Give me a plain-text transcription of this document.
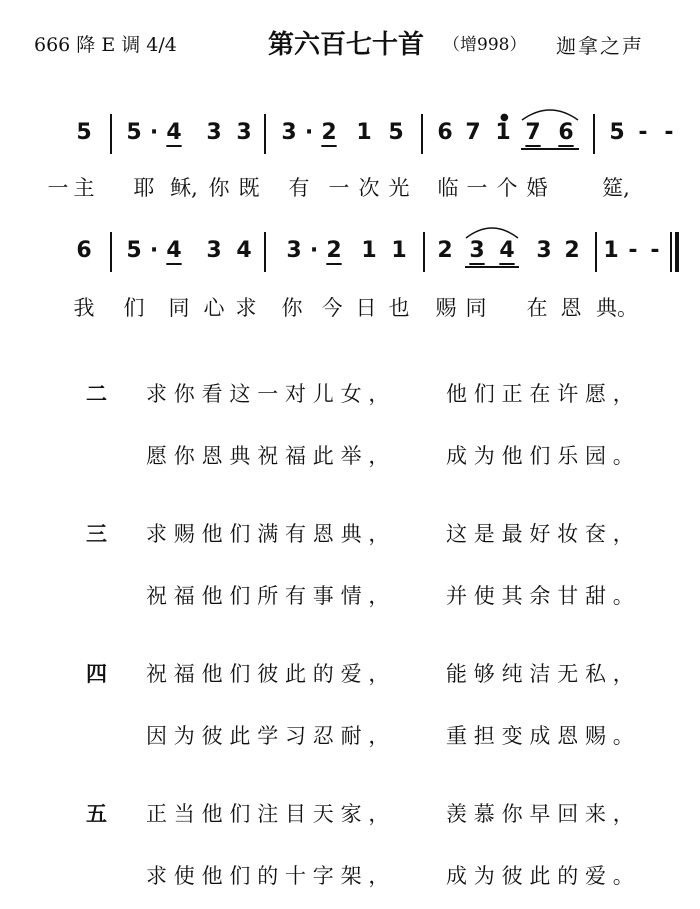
666 降 E 调 4/4	第六百七十首 （增998） 迦拿之声
5 5 · 4 3 3 3 · 2 1 5 6 7 1
●
7 6 5 - -
一 主 耶 稣, 你 既 有 一 次 光 临 一 个 婚	筵,
6 5 · 4 3 4 3 · 2 1 1 2 3 4 3 2 1 - -
我 们 同 心 求 你 今 日 也 赐 同 在 恩 典。
二 求你看这一对儿女， 他们正在许愿，
愿你恩典祝福此举， 成为他们乐园。
三 求赐他们满有恩典， 这是最好妆奁，
祝福他们所有事情， 并使其余甘甜。
四 祝福他们彼此的爱， 能够纯洁无私，
因为彼此学习忍耐， 重担变成恩赐。
五 正当他们注目天家， 羡慕你早回来，
求使他们的十字架， 成为彼此的爱。
